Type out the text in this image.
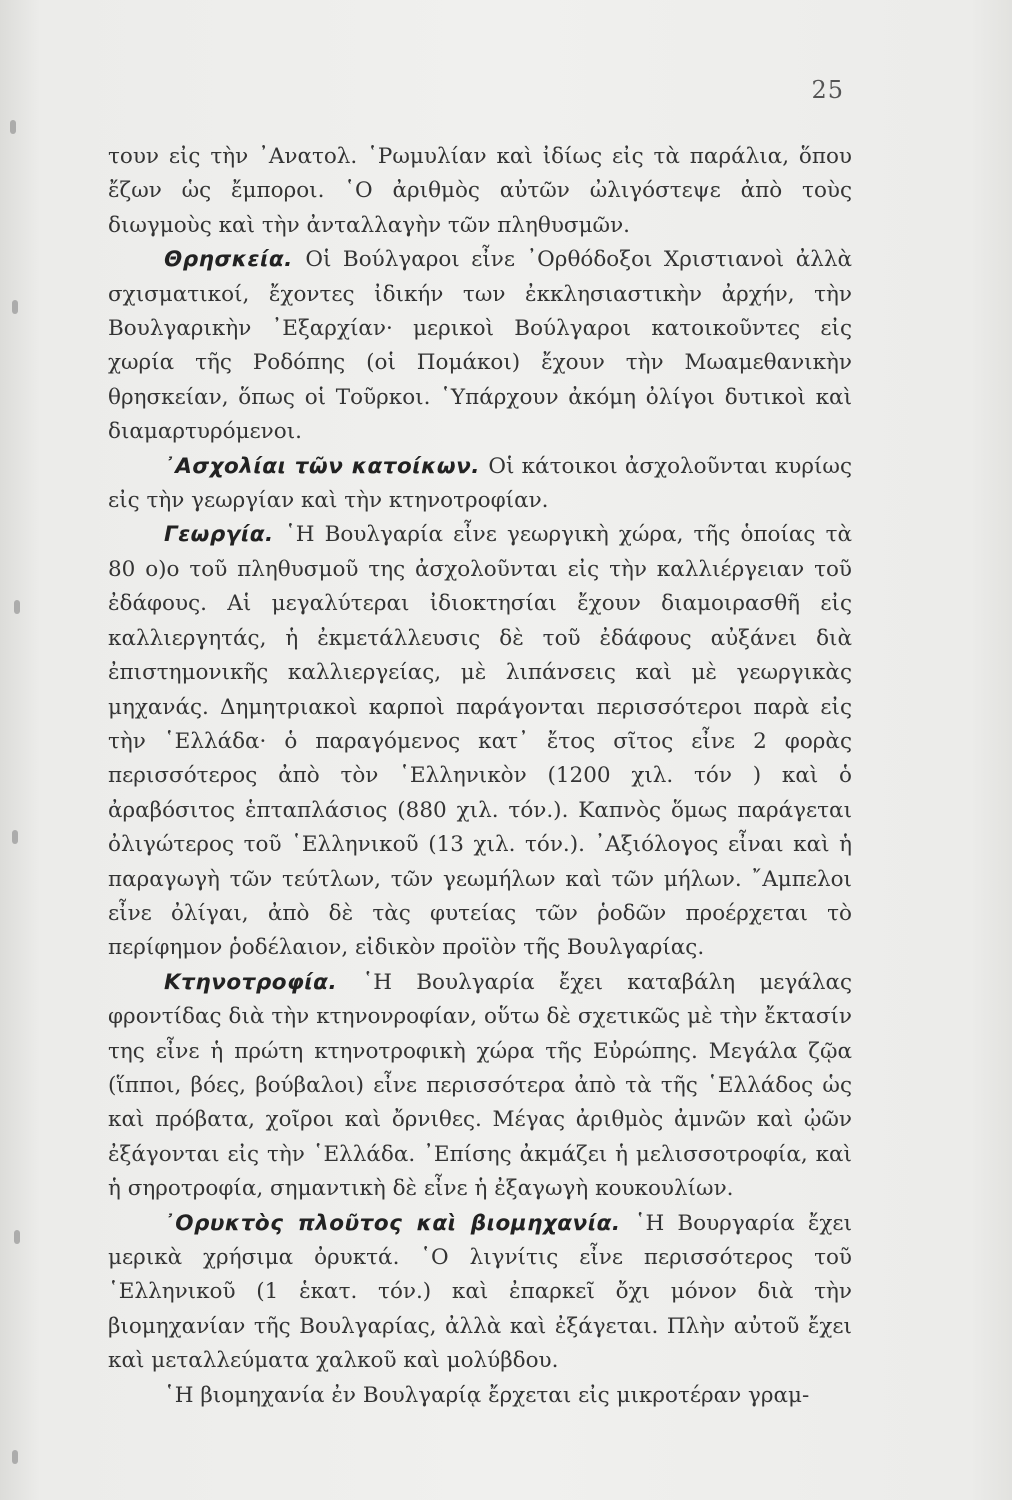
25

τουν εἰς τὴν ᾿Ανατολ. ῾Ρωμυλίαν καὶ ἰδίως εἰς τὰ παράλια, ὅπου ἔζων ὡς ἔμποροι. ῾Ο ἀριθμὸς αὐτῶν ὠλιγόστεψε ἀπὸ τοὺς διωγμοὺς καὶ τὴν ἀνταλλαγὴν τῶν πληθυσμῶν.

Θρησκεία. Οἱ Βούλγαροι εἶνε ᾿Ορθόδοξοι Χριστιανοὶ ἀλλὰ σχισματικοί, ἔχοντες ἰδικήν των ἐκκλησιαστικὴν ἀρχήν, τὴν Βουλγαρικὴν ᾿Εξαρχίαν· μερικοὶ Βούλγαροι κατοικοῦντες εἰς χωρία τῆς Ροδόπης (οἱ Πομάκοι) ἔχουν τὴν Μωαμεθανικὴν θρησκείαν, ὅπως οἱ Τοῦρκοι. ῾Υπάρχουν ἀκόμη ὀλίγοι δυτικοὶ καὶ διαμαρτυρόμενοι.

᾿Ασχολίαι τῶν κατοίκων. Οἱ κάτοικοι ἀσχολοῦνται κυρίως εἰς τὴν γεωργίαν καὶ τὴν κτηνοτροφίαν.

Γεωργία. ῾Η Βουλγαρία εἶνε γεωργικὴ χώρα, τῆς ὁποίας τὰ 80 ο)ο τοῦ πληθυσμοῦ της ἀσχολοῦνται εἰς τὴν καλλιέργειαν τοῦ ἐδάφους. Αἱ μεγαλύτεραι ἰδιοκτησίαι ἔχουν διαμοιρασθῆ εἰς καλλιεργητάς, ἡ ἐκμετάλλευσις δὲ τοῦ ἐδάφους αὐξάνει διὰ ἐπιστημονικῆς καλλιεργείας, μὲ λιπάνσεις καὶ μὲ γεωργικὰς μηχανάς. Δημητριακοὶ καρποὶ παράγονται περισσότεροι παρὰ εἰς τὴν ῾Ελλάδα· ὁ παραγόμενος κατ᾿ ἔτος σῖτος εἶνε 2 φορὰς περισσότερος ἀπὸ τὸν ῾Ελληνικὸν (1200 χιλ. τόν ) καὶ ὁ ἀραβόσιτος ἑπταπλάσιος (880 χιλ. τόν.). Καπνὸς ὅμως παράγεται ὀλιγώτερος τοῦ ῾Ελληνικοῦ (13 χιλ. τόν.). ᾿Αξιόλογος εἶναι καὶ ἡ παραγωγὴ τῶν τεύτλων, τῶν γεωμήλων καὶ τῶν μήλων. ῎Αμπελοι εἶνε ὀλίγαι, ἀπὸ δὲ τὰς φυτείας τῶν ῥοδῶν προέρχεται τὸ περίφημον ῥοδέλαιον, εἰδικὸν προϊὸν τῆς Βουλγαρίας.

Κτηνοτροφία. ῾Η Βουλγαρία ἔχει καταβάλη μεγάλας φροντίδας διὰ τὴν κτηνονροφίαν, οὕτω δὲ σχετικῶς μὲ τὴν ἔκτασίν της εἶνε ἡ πρώτη κτηνοτροφικὴ χώρα τῆς Εὐρώπης. Μεγάλα ζῷα (ἵπποι, βόες, βούβαλοι) εἶνε περισσότερα ἀπὸ τὰ τῆς ῾Ελλάδος ὡς καὶ πρόβατα, χοῖροι καὶ ὄρνιθες. Μέγας ἀριθμὸς ἀμνῶν καὶ ᾠῶν ἐξάγονται εἰς τὴν ῾Ελλάδα. ᾿Επίσης ἀκμάζει ἡ μελισσοτροφία, καὶ ἡ σηροτροφία, σημαντικὴ δὲ εἶνε ἡ ἐξαγωγὴ κουκουλίων.

᾿Ορυκτὸς πλοῦτος καὶ βιομηχανία. ῾Η Βουργαρία ἔχει μερικὰ χρήσιμα ὀρυκτά. ῾Ο λιγνίτις εἶνε περισσότερος τοῦ ῾Ελληνικοῦ (1 ἑκατ. τόν.) καὶ ἐπαρκεῖ ὄχι μόνον διὰ τὴν βιομηχανίαν τῆς Βουλγαρίας, ἀλλὰ καὶ ἐξάγεται. Πλὴν αὐτοῦ ἔχει καὶ μεταλλεύματα χαλκοῦ καὶ μολύβδου.

῾Η βιομηχανία ἐν Βουλγαρίᾳ ἔρχεται εἰς μικροτέραν γραμ-
